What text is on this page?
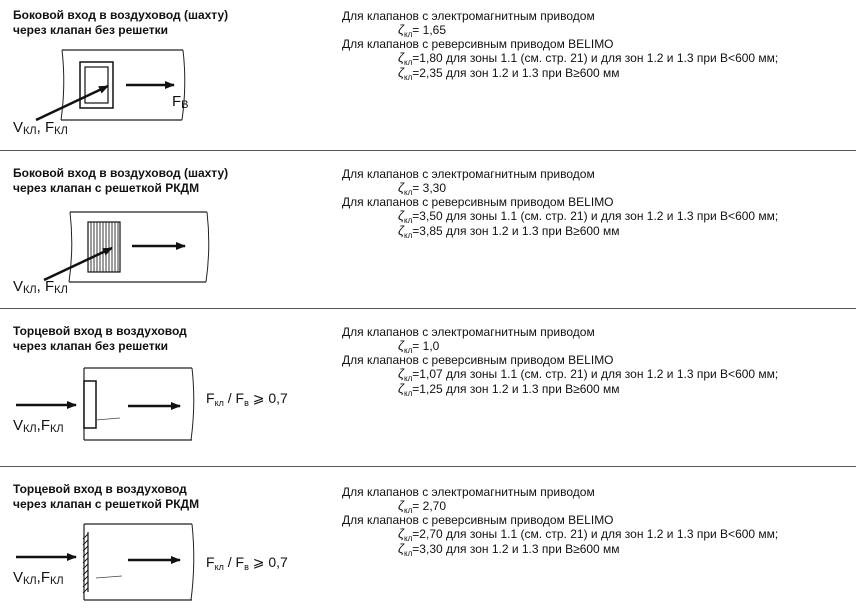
Боковой вход в воздуховод (шахту)
через клапан без решетки
Для клапанов с электромагнитным приводом
$\zeta_{кл}= 1,65$
Для клапанов с реверсивным приводом BELIMO
$\zeta_{кл}=1,80$ для зоны 1.1 (см. стр. 21) и для зон 1.2 и 1.3 при B<600 мм;
$\zeta_{кл}=2,35$ для зон 1.2 и 1.3 при B≥600 мм
Боковой вход в воздуховод (шахту)
через клапан с решеткой РКДМ
Для клапанов с электромагнитным приводом
$\zeta_{кл}= 3,30$
Для клапанов с реверсивным приводом BELIMO
$\zeta_{кл}=3,50$ для зоны 1.1 (см. стр. 21) и для зон 1.2 и 1.3 при B<600 мм;
$\zeta_{кл}=3,85$ для зон 1.2 и 1.3 при B≥600 мм
Торцевой вход в воздуховод
через клапан без решетки
Для клапанов с электромагнитным приводом
$\zeta_{кл}= 1,0$
Для клапанов с реверсивным приводом BELIMO
$\zeta_{кл}=1,07$ для зоны 1.1 (см. стр. 21) и для зон 1.2 и 1.3 при B<600 мм;
$\zeta_{кл}=1,25$ для зон 1.2 и 1.3 при B≥600 мм
Торцевой вход в воздуховод
через клапан с решеткой РКДМ
Для клапанов с электромагнитным приводом
$\zeta_{кл}= 2,70$
Для клапанов с реверсивным приводом BELIMO
$\zeta_{кл}=2,70$ для зоны 1.1 (см. стр. 21) и для зон 1.2 и 1.3 при B<600 мм;
$\zeta_{кл}=3,30$ для зон 1.2 и 1.3 при B≥600 мм
VКЛ, FКЛ
FВ
VКЛ, FКЛ
VКЛ,FКЛ
$F_{кл} / F_в$ ⩾ 0,7
VКЛ,FКЛ
$F_{кл} / F_в$ ⩾ 0,7
